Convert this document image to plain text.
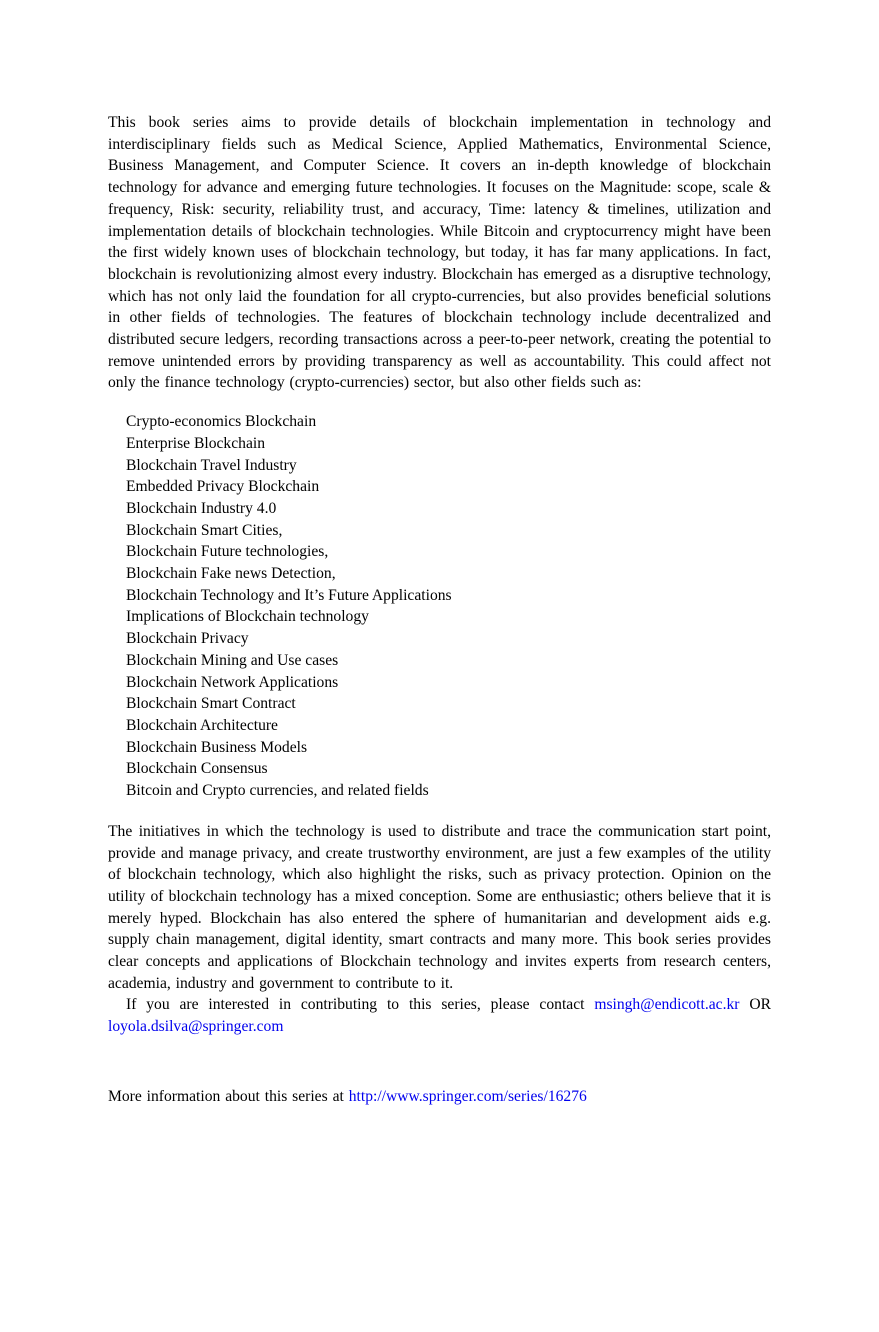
This book series aims to provide details of blockchain implementation in technology and interdisciplinary fields such as Medical Science, Applied Mathematics, Environmental Science, Business Management, and Computer Science. It covers an in-depth knowledge of blockchain technology for advance and emerging future technologies. It focuses on the Magnitude: scope, scale & frequency, Risk: security, reliability trust, and accuracy, Time: latency & timelines, utilization and implementation details of blockchain technologies. While Bitcoin and cryptocurrency might have been the first widely known uses of blockchain technology, but today, it has far many applications. In fact, blockchain is revolutionizing almost every industry. Blockchain has emerged as a disruptive technology, which has not only laid the foundation for all crypto-currencies, but also provides beneficial solutions in other fields of technologies. The features of blockchain technology include decentralized and distributed secure ledgers, recording transactions across a peer-to-peer network, creating the potential to remove unintended errors by providing transparency as well as accountability. This could affect not only the finance technology (crypto-currencies) sector, but also other fields such as:

Crypto-economics Blockchain
Enterprise Blockchain
Blockchain Travel Industry
Embedded Privacy Blockchain
Blockchain Industry 4.0
Blockchain Smart Cities,
Blockchain Future technologies,
Blockchain Fake news Detection,
Blockchain Technology and It’s Future Applications
Implications of Blockchain technology
Blockchain Privacy
Blockchain Mining and Use cases
Blockchain Network Applications
Blockchain Smart Contract
Blockchain Architecture
Blockchain Business Models
Blockchain Consensus
Bitcoin and Crypto currencies, and related fields

The initiatives in which the technology is used to distribute and trace the communication start point, provide and manage privacy, and create trustworthy environment, are just a few examples of the utility of blockchain technology, which also highlight the risks, such as privacy protection. Opinion on the utility of blockchain technology has a mixed conception. Some are enthusiastic; others believe that it is merely hyped. Blockchain has also entered the sphere of humanitarian and development aids e.g. supply chain management, digital identity, smart contracts and many more. This book series provides clear concepts and applications of Blockchain technology and invites experts from research centers, academia, industry and government to contribute to it.

If you are interested in contributing to this series, please contact msingh@endicott.ac.kr OR loyola.dsilva@springer.com

More information about this series at http://www.springer.com/series/16276
